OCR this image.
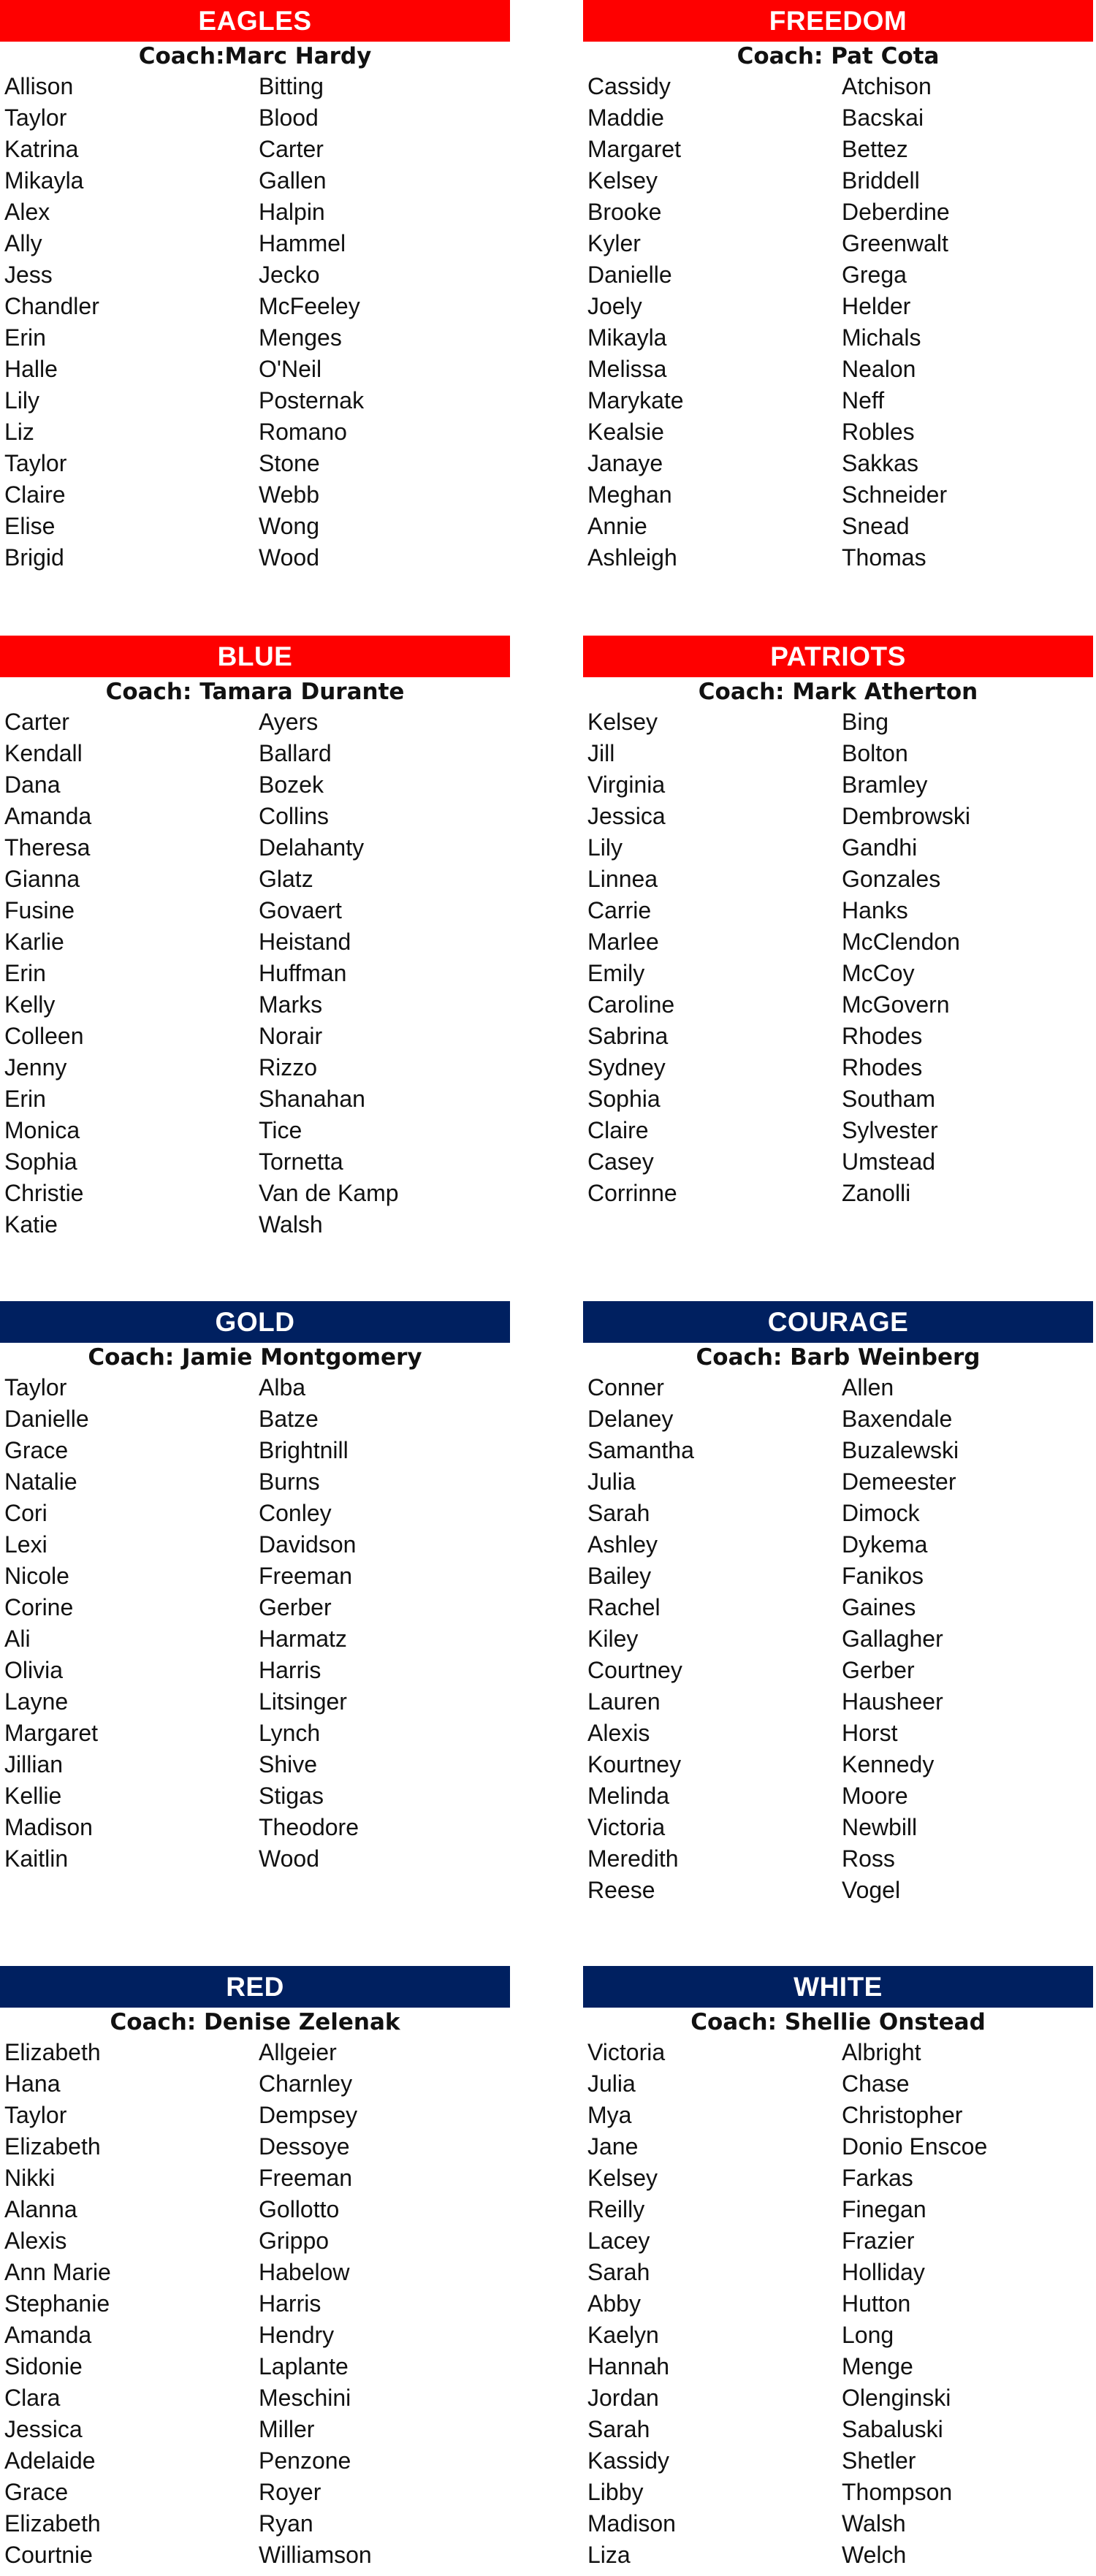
EAGLES
Coach:Marc Hardy
Allison	Bitting
Taylor	Blood
Katrina	Carter
Mikayla	Gallen
Alex	Halpin
Ally	Hammel
Jess	Jecko
Chandler	McFeeley
Erin	Menges
Halle	O'Neil
Lily	Posternak
Liz	Romano
Taylor	Stone
Claire	Webb
Elise	Wong
Brigid	Wood
FREEDOM
Coach: Pat Cota
Cassidy	Atchison
Maddie	Bacskai
Margaret	Bettez
Kelsey	Briddell
Brooke	Deberdine
Kyler	Greenwalt
Danielle	Grega
Joely	Helder
Mikayla	Michals
Melissa	Nealon
Marykate	Neff
Kealsie	Robles
Janaye	Sakkas
Meghan	Schneider
Annie	Snead
Ashleigh	Thomas
BLUE
Coach: Tamara Durante
Carter	Ayers
Kendall	Ballard
Dana	Bozek
Amanda	Collins
Theresa	Delahanty
Gianna	Glatz
Fusine	Govaert
Karlie	Heistand
Erin	Huffman
Kelly	Marks
Colleen	Norair
Jenny	Rizzo
Erin	Shanahan
Monica	Tice
Sophia	Tornetta
Christie	Van de Kamp
Katie	Walsh
PATRIOTS
Coach: Mark Atherton
Kelsey	Bing
Jill	Bolton
Virginia	Bramley
Jessica	Dembrowski
Lily	Gandhi
Linnea	Gonzales
Carrie	Hanks
Marlee	McClendon
Emily	McCoy
Caroline	McGovern
Sabrina	Rhodes
Sydney	Rhodes
Sophia	Southam
Claire	Sylvester
Casey	Umstead
Corrinne	Zanolli
GOLD
Coach: Jamie Montgomery
Taylor	Alba
Danielle	Batze
Grace	Brightnill
Natalie	Burns
Cori	Conley
Lexi	Davidson
Nicole	Freeman
Corine	Gerber
Ali	Harmatz
Olivia	Harris
Layne	Litsinger
Margaret	Lynch
Jillian	Shive
Kellie	Stigas
Madison	Theodore
Kaitlin	Wood
COURAGE
Coach: Barb Weinberg
Conner	Allen
Delaney	Baxendale
Samantha	Buzalewski
Julia	Demeester
Sarah	Dimock
Ashley	Dykema
Bailey	Fanikos
Rachel	Gaines
Kiley	Gallagher
Courtney	Gerber
Lauren	Hausheer
Alexis	Horst
Kourtney	Kennedy
Melinda	Moore
Victoria	Newbill
Meredith	Ross
Reese	Vogel
RED
Coach: Denise Zelenak
Elizabeth	Allgeier
Hana	Charnley
Taylor	Dempsey
Elizabeth	Dessoye
Nikki	Freeman
Alanna	Gollotto
Alexis	Grippo
Ann Marie	Habelow
Stephanie	Harris
Amanda	Hendry
Sidonie	Laplante
Clara	Meschini
Jessica	Miller
Adelaide	Penzone
Grace	Royer
Elizabeth	Ryan
Courtnie	Williamson
WHITE
Coach: Shellie Onstead
Victoria	Albright
Julia	Chase
Mya	Christopher
Jane	Donio Enscoe
Kelsey	Farkas
Reilly	Finegan
Lacey	Frazier
Sarah	Holliday
Abby	Hutton
Kaelyn	Long
Hannah	Menge
Jordan	Olenginski
Sarah	Sabaluski
Kassidy	Shetler
Libby	Thompson
Madison	Walsh
Liza	Welch
